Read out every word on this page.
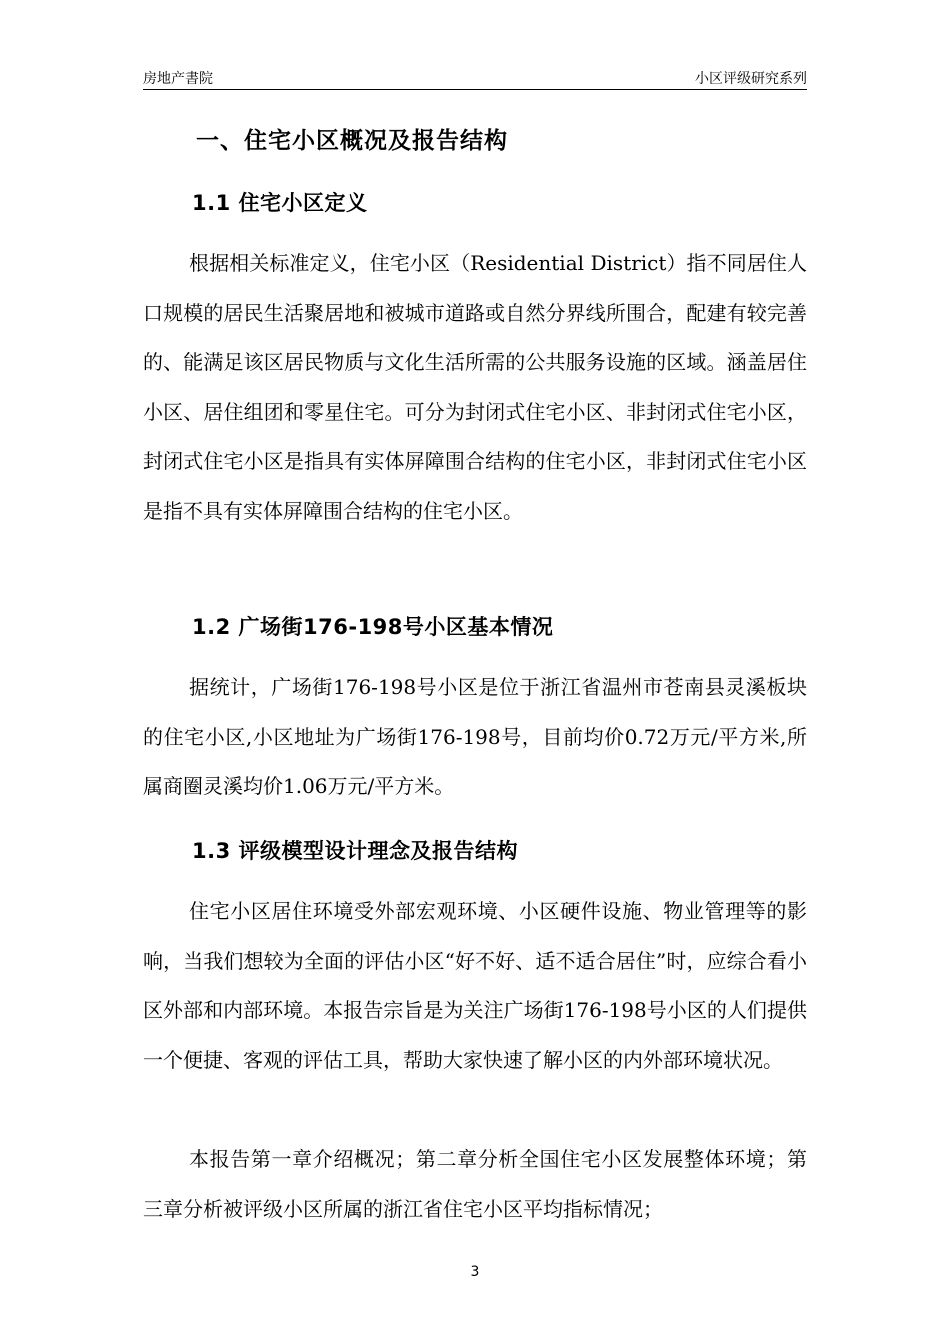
房地产書院	小区评级研究系列
一、住宅小区概况及报告结构
1.1 住宅小区定义

根据相关标准定义，住宅小区（Residential District）指不同居住人口规模的居民生活聚居地和被城市道路或自然分界线所围合，配建有较完善的、能满足该区居民物质与文化生活所需的公共服务设施的区域。涵盖居住小区、居住组团和零星住宅。可分为封闭式住宅小区、非封闭式住宅小区，封闭式住宅小区是指具有实体屏障围合结构的住宅小区，非封闭式住宅小区是指不具有实体屏障围合结构的住宅小区。

1.2 广场街176-198号小区基本情况

据统计，广场街176-198号小区是位于浙江省温州市苍南县灵溪板块的住宅小区,小区地址为广场街176-198号，目前均价0.72万元/平方米,所属商圈灵溪均价1.06万元/平方米。

1.3 评级模型设计理念及报告结构

住宅小区居住环境受外部宏观环境、小区硬件设施、物业管理等的影响，当我们想较为全面的评估小区“好不好、适不适合居住”时，应综合看小区外部和内部环境。本报告宗旨是为关注广场街176-198号小区的人们提供一个便捷、客观的评估工具，帮助大家快速了解小区的内外部环境状况。

本报告第一章介绍概况；第二章分析全国住宅小区发展整体环境；第三章分析被评级小区所属的浙江省住宅小区平均指标情况；

3
